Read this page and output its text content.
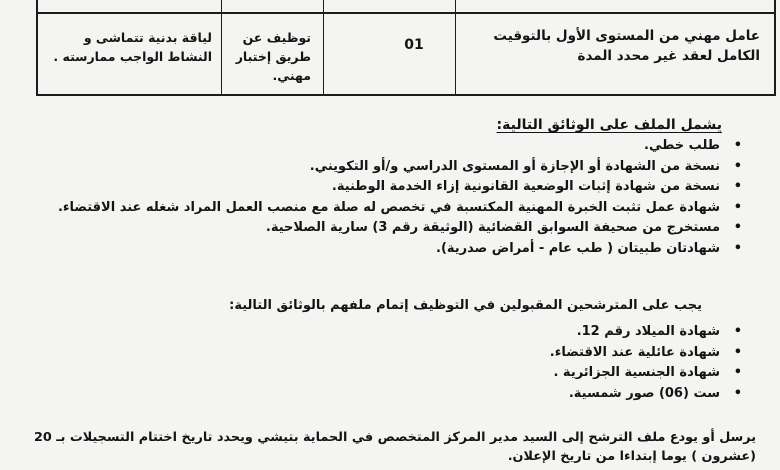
عامل مهني من المستوى الأول بالتوقيت الكامل لعقد غير محدد المدة
01
توظيف عن طريق إختبار مهني.
لياقة بدنية تتماشى و النشاط الواجب ممارسته .
يشمل الملف على الوثائق التالية:
•
طلب خطي.
•
نسخة من الشهادة أو الإجازة أو المستوى الدراسي و/أو التكويني.
•
نسخة من شهادة إثبات الوضعية القانونية إزاء الخدمة الوطنية.
•
شهادة عمل تثبت الخبرة المهنية المكتسبة في تخصص له صلة مع منصب العمل المراد شغله عند الاقتضاء.
•
مستخرج من صحيفة السوابق القضائية (الوثيقة رقم 3) سارية الصلاحية.
•
شهادتان طبيتان ( طب عام - أمراض صدرية).
يجب على المترشحين المقبولين في التوظيف إتمام ملفهم بالوثائق التالية:
•
شهادة الميلاد رقم 12.
•
شهادة عائلية عند الاقتضاء.
•
شهادة الجنسية الجزائرية .
•
ست (06) صور شمسية.
يرسل أو يودع ملف الترشح إلى السيد مدير المركز المتخصص في الحماية بتيشي ويحدد تاريخ اختتام التسجيلات بـ 20 (عشرون ) يوما إبتداءا من تاريخ الإعلان.
